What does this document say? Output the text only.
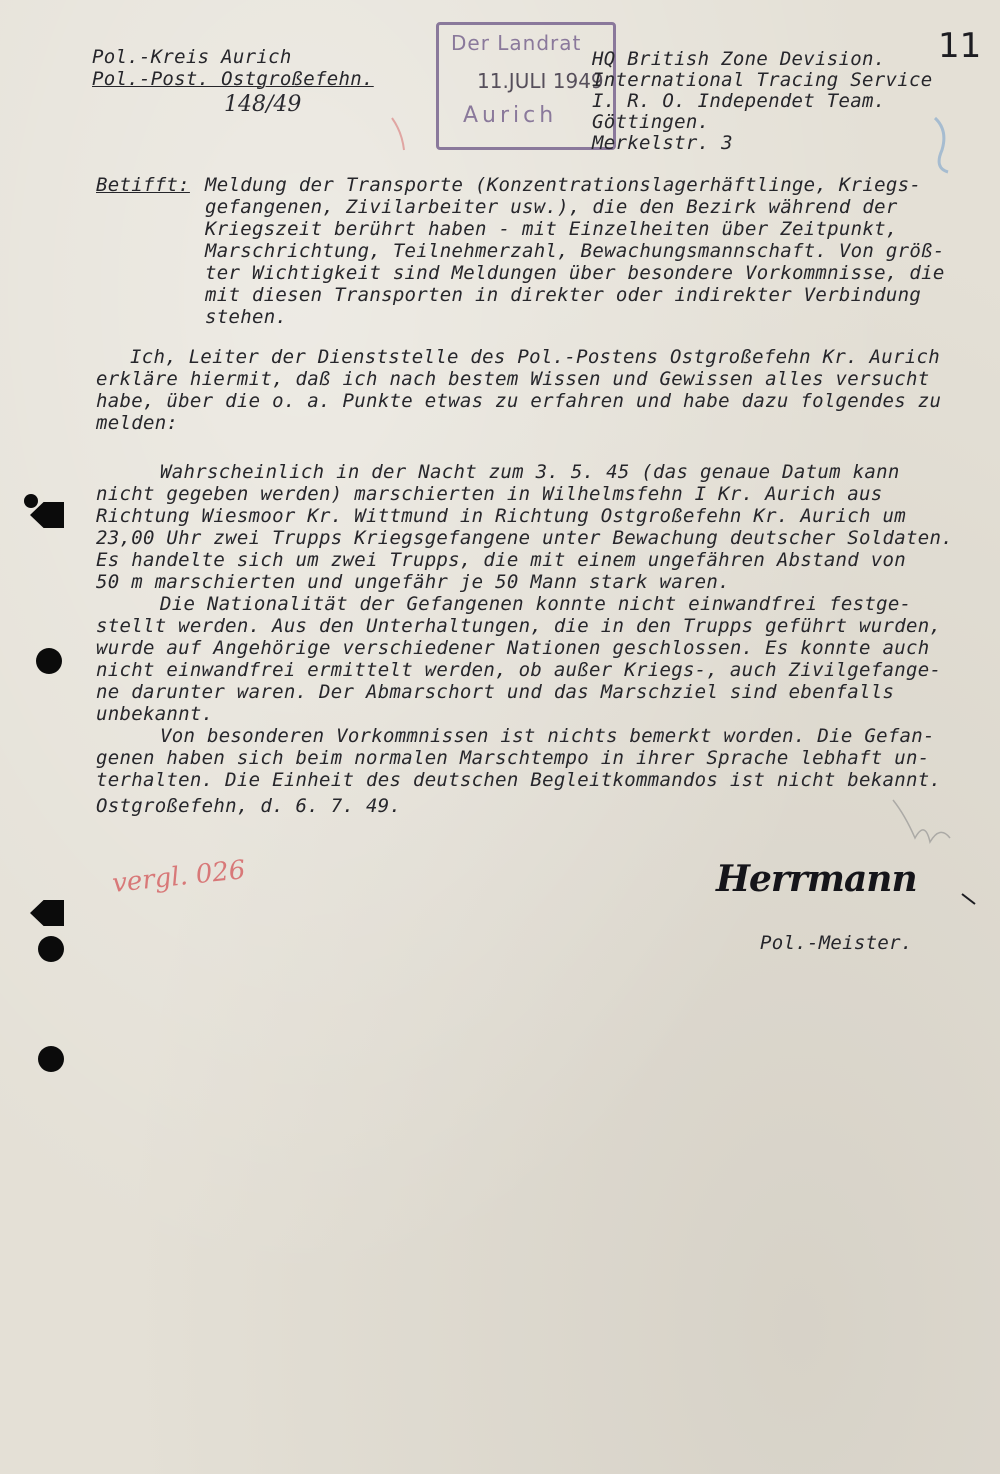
11
Pol.-Kreis Aurich
Pol.-Post. Ostgroßefehn.
148/49
Der Landrat
11.JULI 1949
Aurich
HQ British Zone Devision.
International Tracing Service
I. R. O. Independet Team.
Göttingen.
Merkelstr. 3
Betifft: Meldung der Transporte (Konzentrationslagerhäftlinge, Kriegs-
gefangenen, Zivilarbeiter usw.), die den Bezirk während der
Kriegszeit berührt haben - mit Einzelheiten über Zeitpunkt,
Marschrichtung, Teilnehmerzahl, Bewachungsmannschaft. Von größ-
ter Wichtigkeit sind Meldungen über besondere Vorkommnisse, die
mit diesen Transporten in direkter oder indirekter Verbindung
stehen.
Ich, Leiter der Dienststelle des Pol.-Postens Ostgroßefehn Kr. Aurich
erkläre hiermit, daß ich nach bestem Wissen und Gewissen alles versucht
habe, über die o. a. Punkte etwas zu erfahren und habe dazu folgendes zu
melden:
Wahrscheinlich in der Nacht zum 3. 5. 45 (das genaue Datum kann
nicht gegeben werden) marschierten in Wilhelmsfehn I Kr. Aurich aus
Richtung Wiesmoor Kr. Wittmund in Richtung Ostgroßefehn Kr. Aurich um
23,00 Uhr zwei Trupps Kriegsgefangene unter Bewachung deutscher Soldaten.
Es handelte sich um zwei Trupps, die mit einem ungefähren Abstand von
50 m marschierten und ungefähr je 50 Mann stark waren.
Die Nationalität der Gefangenen konnte nicht einwandfrei festge-
stellt werden. Aus den Unterhaltungen, die in den Trupps geführt wurden,
wurde auf Angehörige verschiedener Nationen geschlossen. Es konnte auch
nicht einwandfrei ermittelt werden, ob außer Kriegs-, auch Zivilgefange-
ne darunter waren. Der Abmarschort und das Marschziel sind ebenfalls
unbekannt.
Von besonderen Vorkommnissen ist nichts bemerkt worden. Die Gefan-
genen haben sich beim normalen Marschtempo in ihrer Sprache lebhaft un-
terhalten. Die Einheit des deutschen Begleitkommandos ist nicht bekannt.
Ostgroßefehn, d. 6. 7. 49.
vergl. 026	Herrmann
Pol.-Meister.
